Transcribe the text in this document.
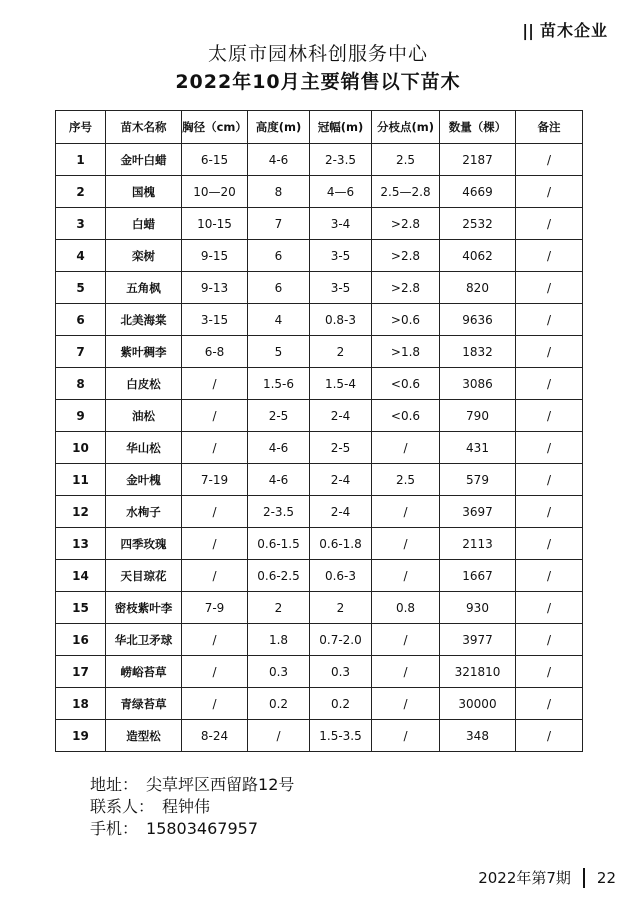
|| 苗木企业
太原市园林科创服务中心
2022年10月主要销售以下苗木
序号	苗木名称	胸径（cm）	高度(m)	冠幅(m)	分枝点(m)	数量（棵）	备注
1	金叶白蜡	6-15	4-6	2-3.5	2.5	2187	/
2	国槐	10—20	8	4—6	2.5—2.8	4669	/
3	白蜡	10-15	7	3-4	>2.8	2532	/
4	栾树	9-15	6	3-5	>2.8	4062	/
5	五角枫	9-13	6	3-5	>2.8	820	/
6	北美海棠	3-15	4	0.8-3	>0.6	9636	/
7	紫叶稠李	6-8	5	2	>1.8	1832	/
8	白皮松	/	1.5-6	1.5-4	<0.6	3086	/
9	油松	/	2-5	2-4	<0.6	790	/
10	华山松	/	4-6	2-5	/	431	/
11	金叶槐	7-19	4-6	2-4	2.5	579	/
12	水栒子	/	2-3.5	2-4	/	3697	/
13	四季玫瑰	/	0.6-1.5	0.6-1.8	/	2113	/
14	天目琼花	/	0.6-2.5	0.6-3	/	1667	/
15	密枝紫叶李	7-9	2	2	0.8	930	/
16	华北卫矛球	/	1.8	0.7-2.0	/	3977	/
17	崂峪苔草	/	0.3	0.3	/	321810	/
18	青绿苔草	/	0.2	0.2	/	30000	/
19	造型松	8-24	/	1.5-3.5	/	348	/
地址： 尖草坪区西留路12号
联系人： 程钟伟
手机： 15803467957
2022年第7期 22
